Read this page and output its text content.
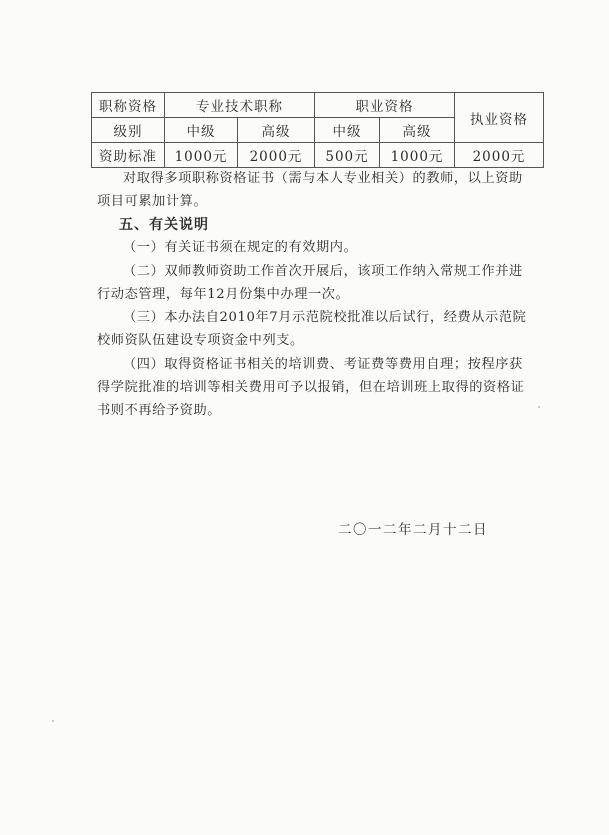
职称资格	专业技术职称		职业资格		执业资格
级别	中级	高级	中级	高级	
资助标准	1000元	2000元	500元	1000元	2000元

对取得多项职称资格证书（需与本人专业相关）的教师，以上资助项目可累加计算。

五、有关说明

（一）有关证书须在规定的有效期内。

（二）双师教师资助工作首次开展后，该项工作纳入常规工作并进行动态管理，每年12月份集中办理一次。

（三）本办法自2010年7月示范院校批准以后试行，经费从示范院校师资队伍建设专项资金中列支。

（四）取得资格证书相关的培训费、考证费等费用自理；按程序获得学院批准的培训等相关费用可予以报销，但在培训班上取得的资格证书则不再给予资助。

二〇一二年二月十二日
